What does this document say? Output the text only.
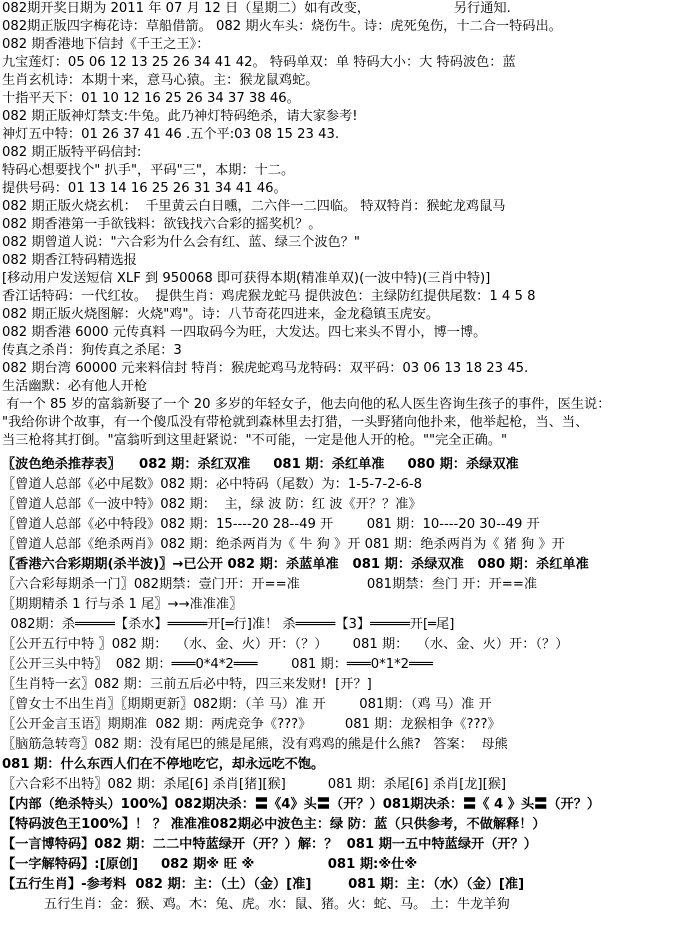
082期开奖日期为 2011 年 07 月 12 日（星期二）如有改变，                    另行通知.
082期正版四字梅花诗：草船借箭。 082 期火车头：烧伤牛。诗：虎死兔伤，十二合一特码出。
082 期香港地下信封《千王之王》：
九宝莲灯：05 06 12 13 25 26 34 41 42。 特码单双：单 特码大小：大 特码波色：蓝
生肖玄机诗：本期十来，意马心猿。主：猴龙鼠鸡蛇。
十指平天下：01 10 12 16 25 26 34 37 38 46。
082 期正版神灯禁支:牛兔。此乃神灯特码绝杀，请大家参考!
神灯五中特：01 26 37 41 46 .五个平:03 08 15 23 43.
082 期正版特平码信封:
特码心想要找个" 扒手"，平码"三"，本期：十二。
提供号码：01 13 14 16 25 26 31 34 41 46。
082 期正版火烧玄机：  千里黄云白日曛，二六伴一二四临。 特双特肖：猴蛇龙鸡鼠马
082 期香港第一手欲钱料：欲钱找六合彩的摇奖机？。
082 期曾道人说："六合彩为什么会有红、蓝、绿三个波色？"
082 期香江特码精选报
[移动用户发送短信 XLF 到 950068 即可获得本期(精准单双)(一波中特)(三肖中特)]
香江话特码：一代红妆。  提供生肖：鸡虎猴龙蛇马 提供波色：主绿防红提供尾数：1 4 5 8
082 期正版火烧图解：火烧"鸡"。诗：八节奇花四进来，金龙稳镇玉虎安。
082 期香港 6000 元传真料 一四取码今为旺，大发达。四七来头不胃小，博一博。
传真之杀肖：狗传真之杀尾：3
082 期台湾 60000 元来料信封 特肖：猴虎蛇鸡马龙特码：双平码：03 06 13 18 23 45.
生活幽默：必有他人开枪
有一个 85 岁的富翁新娶了一个 20 多岁的年轻女子，他去向他的私人医生咨询生孩子的事件，医生说：
"我给你讲个故事，有一个傻瓜没有带枪就到森林里去打猎，一头野猪向他扑来，他举起枪，当、当、
当三枪将其打倒。"富翁听到这里赶紧说："不可能，一定是他人开的枪。""完全正确。"
〖波色绝杀推荐表〗    082 期：杀红双准     081 期：杀红单准     080 期：杀绿双准
〖曾道人总部《必中尾数》082 期：必中特码（尾数）为：1-5-7-2-6-8
〖曾道人总部《一波中特》082 期：  主，绿 波 防：红 波《开？？准》
〖曾道人总部《必中特段》082 期：15----20 28--49 开        081 期：10----20 30--49 开
〖曾道人总部《绝杀两肖》082 期：绝杀两肖为《 牛 狗 》开 081 期：绝杀两肖为《 猪 狗 》开
〖香港六合彩期期(杀半波)〗→已公开 082 期：杀蓝单准   081 期：杀绿双准   080 期：杀红单准
〖六合彩每期杀一门〗082期禁：壹门开：开==准                081期禁：叁门 开：开==准
〖期期精杀 1 行与杀 1 尾〗→→准准准〗
082期：杀═════【杀水】═════开[═行]准！ 杀═════【3】═════开[═尾]
〖公开五行中特 〗082 期：  （水、金、火）开：（？）      081 期：  （水、金、火）开：（？）
〖公开三头中特〗  082 期：═══0*4*2═══        081 期：═══0*1*2═══
〖生肖特一玄〗082 期：三前五后必中特，四三来发财!  [开？]
〖曾女士不出生肖〗〖期期更新〗082期：（羊 马）准 开        081期：（鸡 马）准 开
〖公开金言玉语〗期期准  082 期：两虎竞争《???》        081 期：龙猴相争《???》
〖脑筋急转弯〗082 期：没有尾巴的熊是尾熊，没有鸡鸡的熊是什么熊?   答案：  母熊
081 期：什么东西人们在不停地吃它，却永远吃不饱。
〖六合彩不出特〗082 期：杀尾[6] 杀肖[猪][猴]          081 期：杀尾[6] 杀肖[龙][猴]
【内部（绝杀特头）100%】082期决杀：〓《4》头〓（开？）081期决杀：〓《 4 》头〓（开？）
【特码波色王100%】！ ？ 准准准082期必中波色主：绿 防：蓝（只供参考，不做解释！）
【一言博特码】082 期：二二中特蓝绿开（开？）解：？  081 期一五中特蓝绿开（开？）
【一字解特码】:[原创]     082 期※ 旺 ※                081 期:※仕※
【五行生肖】-参考料  082 期：主：（土）（金）[准]        081 期：主：（水）（金）[准]
五行生肖：金：猴、鸡。木：兔、虎。水：鼠、猪。火：蛇、马。 土：牛龙羊狗
